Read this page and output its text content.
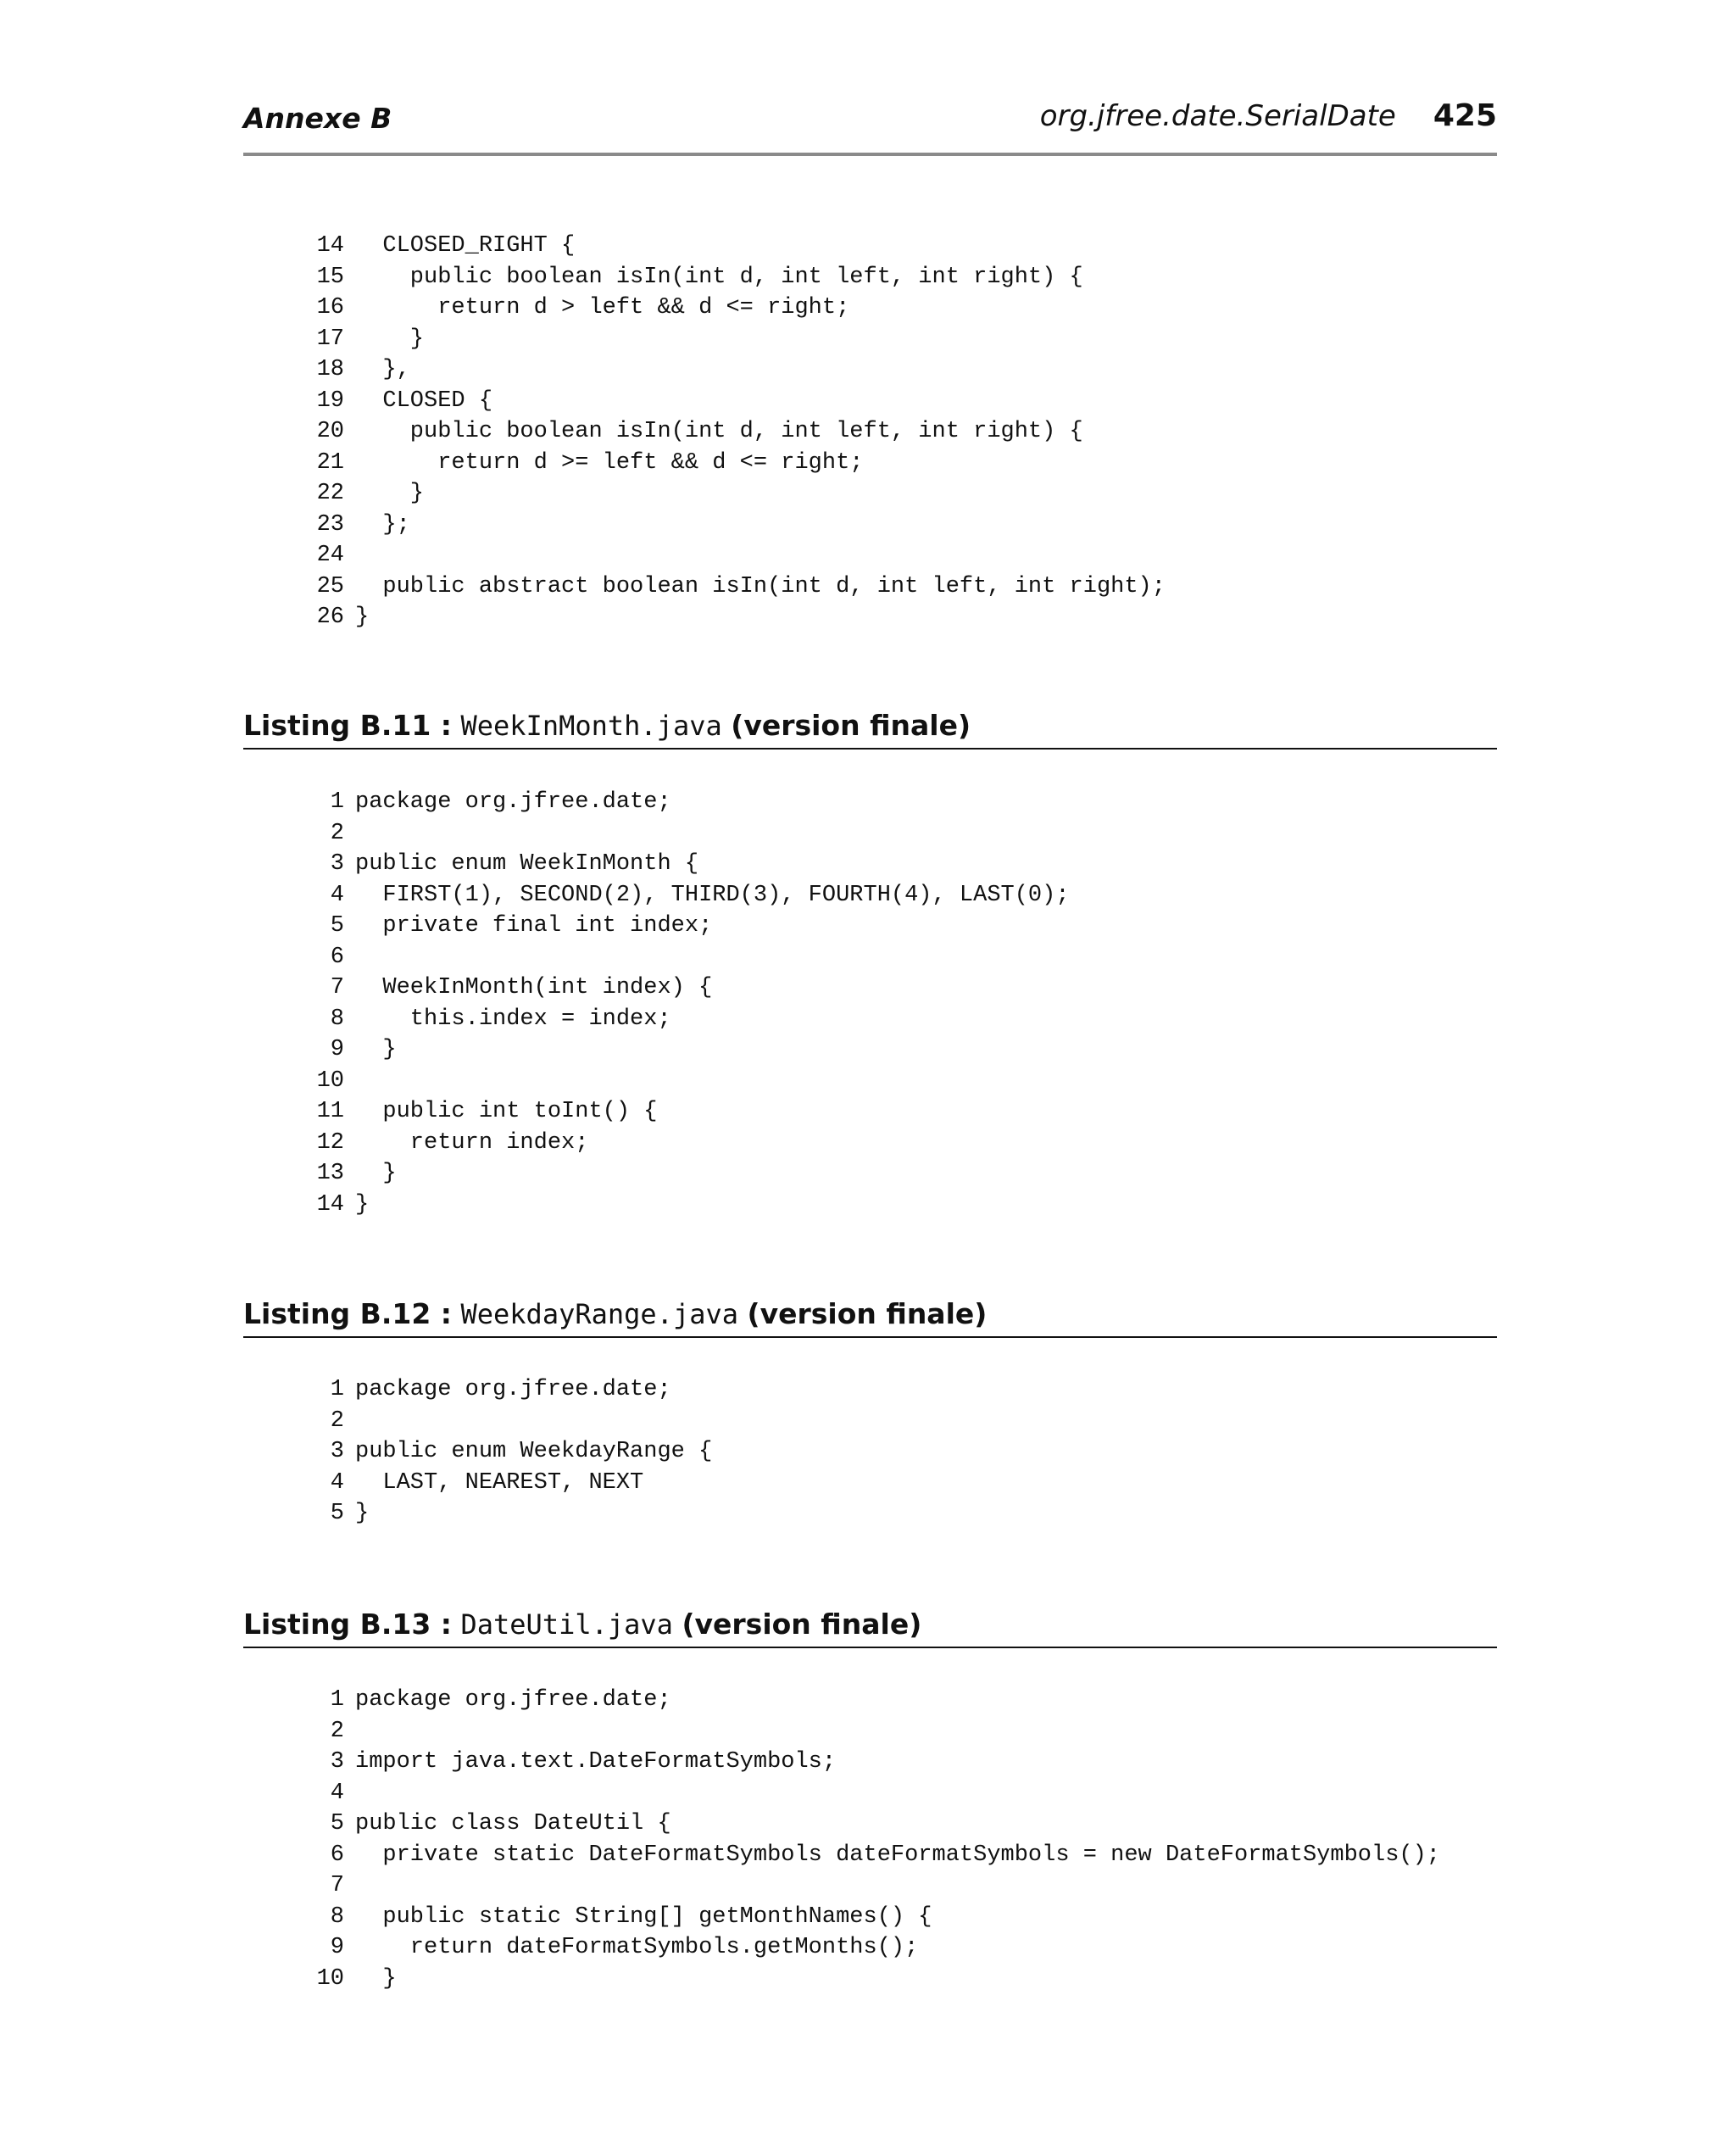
Annexe B	org.jfree.date.SerialDate 425
14 CLOSED_RIGHT {
15 public boolean isIn(int d, int left, int right) {
16 return d > left && d <= right;
17 }
18 },
19 CLOSED {
20 public boolean isIn(int d, int left, int right) {
21 return d >= left && d <= right;
22 }
23 };
24
25 public abstract boolean isIn(int d, int left, int right);
26 }
Listing B.11 : WeekInMonth.java (version finale)
1 package org.jfree.date;
2
3 public enum WeekInMonth {
4 FIRST(1), SECOND(2), THIRD(3), FOURTH(4), LAST(0);
5 private final int index;
6
7 WeekInMonth(int index) {
8 this.index = index;
9 }
10
11 public int toInt() {
12 return index;
13 }
14 }
Listing B.12 : WeekdayRange.java (version finale)
1 package org.jfree.date;
2
3 public enum WeekdayRange {
4 LAST, NEAREST, NEXT
5 }
Listing B.13 : DateUtil.java (version finale)
1 package org.jfree.date;
2
3 import java.text.DateFormatSymbols;
4
5 public class DateUtil {
6 private static DateFormatSymbols dateFormatSymbols = new DateFormatSymbols();
7
8 public static String[] getMonthNames() {
9 return dateFormatSymbols.getMonths();
10 }
